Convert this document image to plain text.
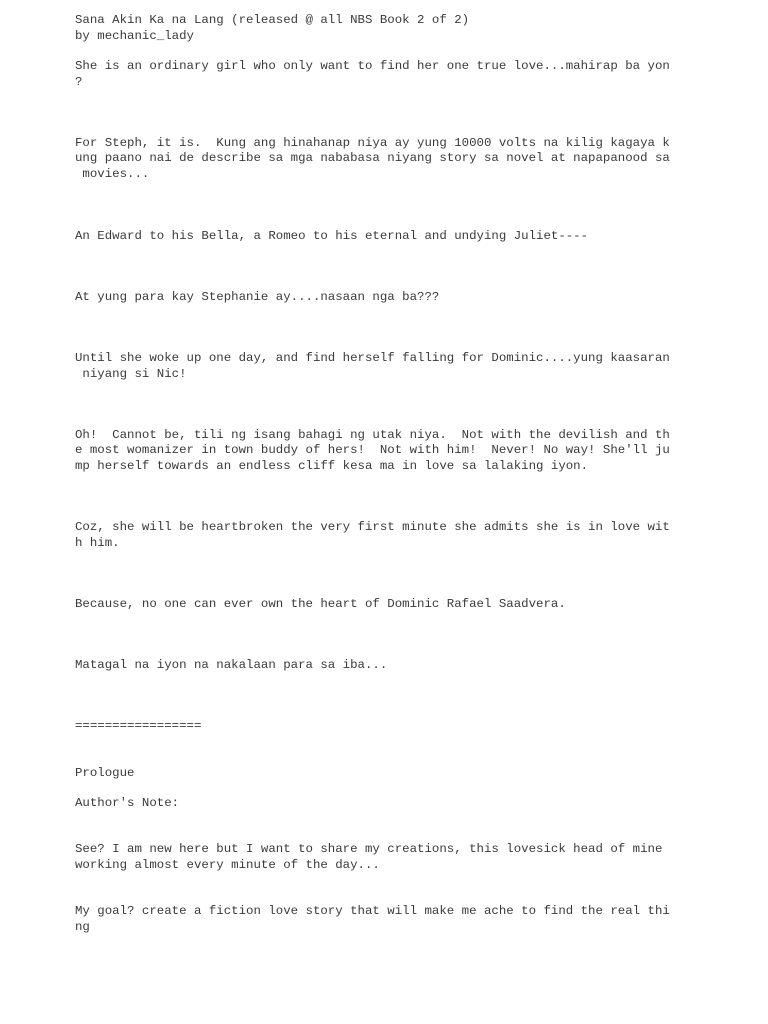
Sana Akin Ka na Lang (released @ all NBS Book 2 of 2)

by mechanic_lady

She is an ordinary girl who only want to find her one true love...mahirap ba yon

?

For Steph, it is.  Kung ang hinahanap niya ay yung 10000 volts na kilig kagaya k

ung paano nai de describe sa mga nababasa niyang story sa novel at napapanood sa

movies...

An Edward to his Bella, a Romeo to his eternal and undying Juliet----

At yung para kay Stephanie ay....nasaan nga ba???

Until she woke up one day, and find herself falling for Dominic....yung kaasaran

niyang si Nic!

Oh!  Cannot be, tili ng isang bahagi ng utak niya.  Not with the devilish and th

e most womanizer in town buddy of hers!  Not with him!  Never! No way! She'll ju

mp herself towards an endless cliff kesa ma in love sa lalaking iyon.

Coz, she will be heartbroken the very first minute she admits she is in love wit

h him.

Because, no one can ever own the heart of Dominic Rafael Saadvera.

Matagal na iyon na nakalaan para sa iba...

=================

Prologue

Author's Note:

See? I am new here but I want to share my creations, this lovesick head of mine

working almost every minute of the day...

My goal? create a fiction love story that will make me ache to find the real thi

ng
